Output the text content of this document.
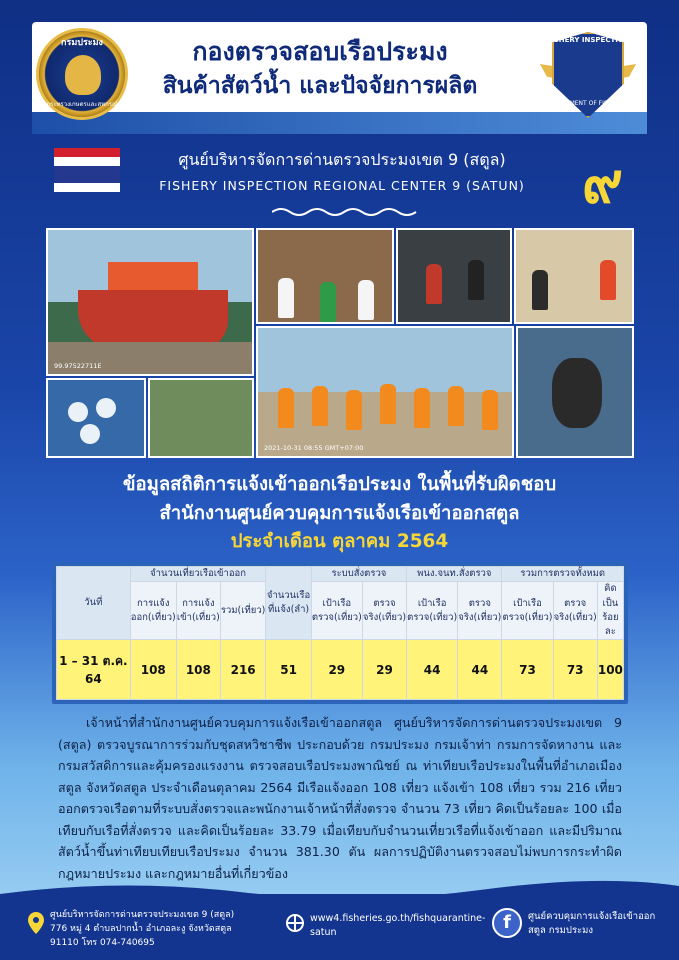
กรมประมง
กระทรวงเกษตรและสหกรณ์
กองตรวจสอบเรือประมง
สินค้าสัตว์น้ำ และปัจจัยการผลิต
FISHERY INSPECTION
DEPARTMENT OF FISHERIES
ศูนย์บริหารจัดการด่านตรวจประมงเขต 9 (สตูล)
FISHERY INSPECTION REGIONAL CENTER 9 (SATUN)	๙
99.97522711E
2021-10-31 08:55 GMT+07:00
ข้อมูลสถิติการแจ้งเข้าออกเรือประมง ในพื้นที่รับผิดชอบ
สำนักงานศูนย์ควบคุมการแจ้งเรือเข้าออกสตูล
ประจำเดือน ตุลาคม 2564
วันที่	จำนวนเที่ยวเรือเข้าออก			จำนวนเรือที่แจ้ง(ลำ)	ระบบสั่งตรวจ		พนง.จนท.สั่งตรวจ		รวมการตรวจทั้งหมด		
	การแจ้งออก(เที่ยว)	การแจ้งเข้า(เที่ยว)	รวม(เที่ยว)		เป้าเรือตรวจ(เที่ยว)	ตรวจจริง(เที่ยว)	เป้าเรือตรวจ(เที่ยว)	ตรวจจริง(เที่ยว)	เป้าเรือตรวจ(เที่ยว)	ตรวจจริง(เที่ยว)	คิดเป็นร้อยละ
1 – 31 ต.ค. 64	108	108	216	51	29	29	44	44	73	73	100
เจ้าหน้าที่สำนักงานศูนย์ควบคุมการแจ้งเรือเข้าออกสตูล ศูนย์บริหารจัดการด่านตรวจประมงเขต 9 (สตูล) ตรวจบูรณาการร่วมกับชุดสหวิชาชีพ ประกอบด้วย กรมประมง กรมเจ้าท่า กรมการจัดหางาน และกรมสวัสดิการและคุ้มครองแรงงาน ตรวจสอบเรือประมงพาณิชย์ ณ ท่าเทียบเรือประมงในพื้นที่อำเภอเมืองสตูล จังหวัดสตูล ประจำเดือนตุลาคม 2564 มีเรือแจ้งออก 108 เที่ยว แจ้งเข้า 108 เที่ยว รวม 216 เที่ยว ออกตรวจเรือตามที่ระบบสั่งตรวจและพนักงานเจ้าหน้าที่สั่งตรวจ จำนวน 73 เที่ยว คิดเป็นร้อยละ 100 เมื่อเทียบกับเรือที่สั่งตรวจ และคิดเป็นร้อยละ 33.79 เมื่อเทียบกับจำนวนเที่ยวเรือที่แจ้งเข้าออก และมีปริมาณสัตว์น้ำขึ้นท่าเทียบเทียบเรือประมง จำนวน 381.30 ตัน ผลการปฏิบัติงานตรวจสอบไม่พบการกระทำผิดกฎหมายประมง และกฎหมายอื่นที่เกี่ยวข้อง
ศูนย์บริหารจัดการด่านตรวจประมงเขต 9 (สตูล)
776 หมู่ 4 ตำบลปากน้ำ อำเภอละงู จังหวัดสตูล
91110 โทร 074-740695
www4.fisheries.go.th/fishquarantine-satun	f	ศูนย์ควบคุมการแจ้งเรือเข้าออกสตูล กรมประมง
